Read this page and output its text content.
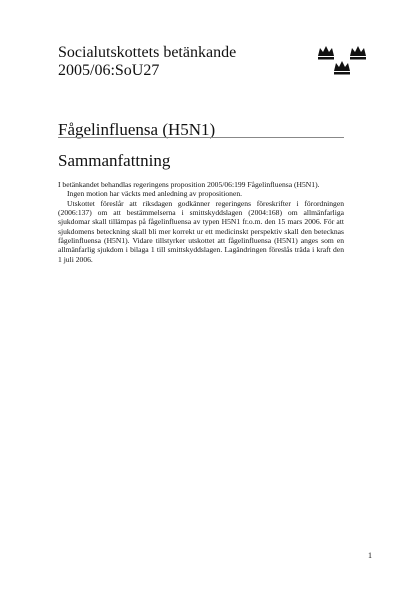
Socialutskottets betänkande
2005/06:SoU27
Fågelinfluensa (H5N1)
Sammanfattning

I betänkandet behandlas regeringens proposition 2005/06:199 Fågelinfluensa (H5N1).

Ingen motion har väckts med anledning av propositionen.

Utskottet föreslår att riksdagen godkänner regeringens föreskrifter i förordningen (2006:137) om att bestämmelserna i smittskyddslagen (2004:168) om allmänfarliga sjukdomar skall tillämpas på fågelinfluensa av typen H5N1 fr.o.m. den 15 mars 2006. För att sjukdomens beteckning skall bli mer korrekt ur ett medicinskt perspektiv skall den betecknas fågelinfluensa (H5N1). Vidare tillstyrker utskottet att fågelinfluensa (H5N1) anges som en allmänfarlig sjukdom i bilaga 1 till smittskyddslagen. Lagändringen föreslås träda i kraft den 1 juli 2006.

1
